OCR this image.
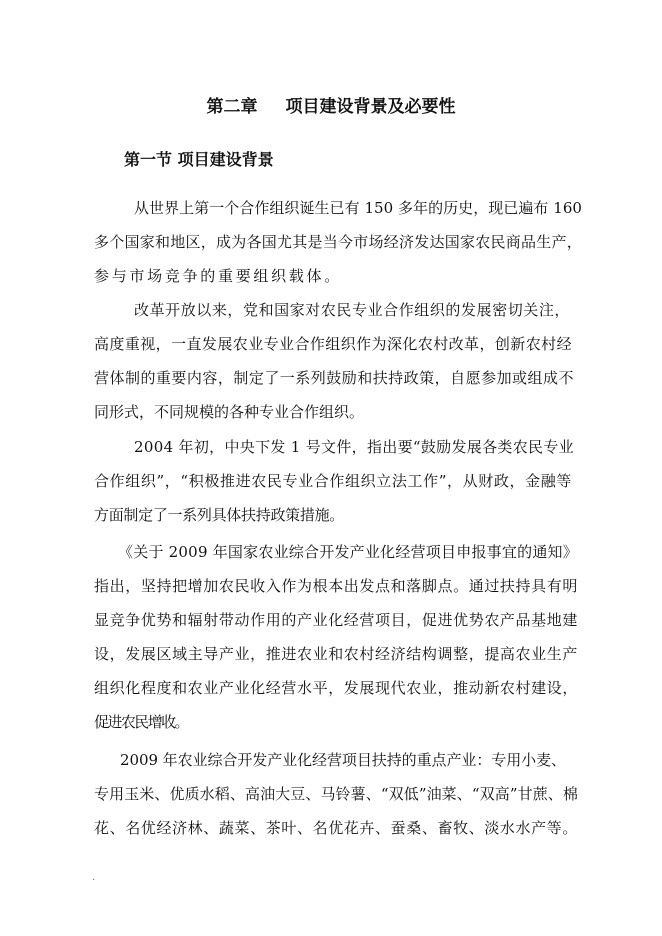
第二章 项目建设背景及必要性
第一节 项目建设背景
从世界上第一个合作组织诞生已有 150 多年的历史，现已遍布 160
多个国家和地区，成为各国尤其是当今市场经济发达国家农民商品生产，
参与市场竞争的重要组织载体。
改革开放以来，党和国家对农民专业合作组织的发展密切关注，
高度重视，一直发展农业专业合作组织作为深化农村改革，创新农村经
营体制的重要内容，制定了一系列鼓励和扶持政策，自愿参加或组成不
同形式，不同规模的各种专业合作组织。
2004 年初，中央下发 1 号文件，指出要“鼓励发展各类农民专业
合作组织”，“积极推进农民专业合作组织立法工作”，从财政，金融等
方面制定了一系列具体扶持政策措施。
《关于 2009 年国家农业综合开发产业化经营项目申报事宜的通知》
指出，坚持把增加农民收入作为根本出发点和落脚点。通过扶持具有明
显竞争优势和辐射带动作用的产业化经营项目，促进优势农产品基地建
设，发展区域主导产业，推进农业和农村经济结构调整，提高农业生产
组织化程度和农业产业化经营水平，发展现代农业，推动新农村建设，
促进农民增收。
2009 年农业综合开发产业化经营项目扶持的重点产业：专用小麦、
专用玉米、优质水稻、高油大豆、马铃薯、“双低”油菜、“双高”甘蔗、棉
花、名优经济林、蔬菜、茶叶、名优花卉、蚕桑、畜牧、淡水水产等。
.
